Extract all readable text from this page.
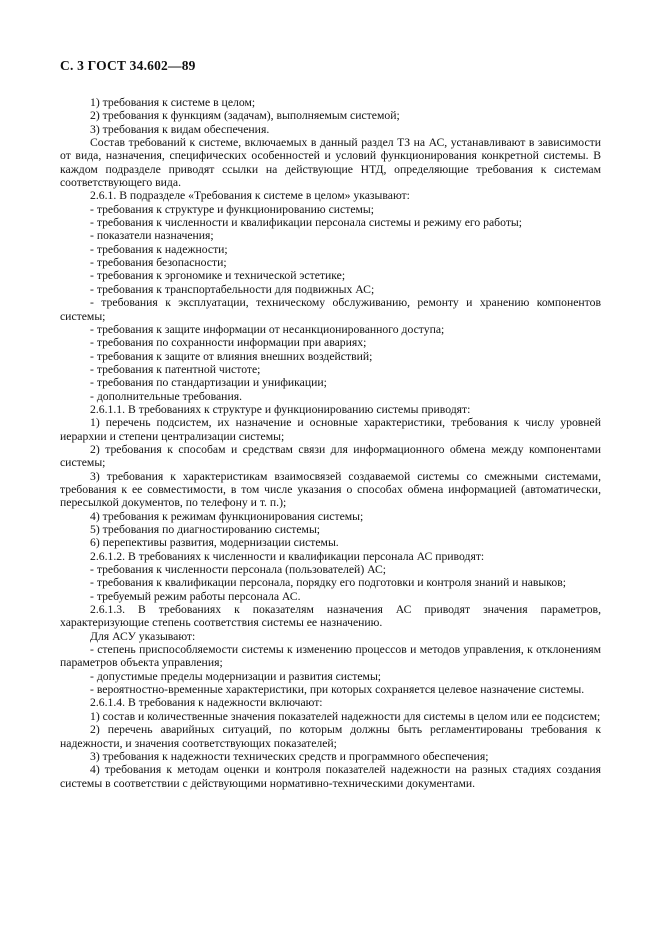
С. 3 ГОСТ 34.602—89

1) требования к системе в целом;

2) требования к функциям (задачам), выполняемым системой;

3) требования к видам обеспечения.

Состав требований к системе, включаемых в данный раздел ТЗ на АС, устанавливают в зависимости от вида, назначения, специфических особенностей и условий функционирования конкретной системы. В каждом подразделе приводят ссылки на действующие НТД, определяющие требования к системам соответствующего вида.

2.6.1. В подразделе «Требования к системе в целом» указывают:

- требования к структуре и функционированию системы;

- требования к численности и квалификации персонала системы и режиму его работы;

- показатели назначения;

- требования к надежности;

- требования безопасности;

- требования к эргономике и технической эстетике;

- требования к транспортабельности для подвижных АС;

- требования к эксплуатации, техническому обслуживанию, ремонту и хранению компонентов системы;

- требования к защите информации от несанкционированного доступа;

- требования по сохранности информации при авариях;

- требования к защите от влияния внешних воздействий;

- требования к патентной чистоте;

- требования по стандартизации и унификации;

- дополнительные требования.

2.6.1.1. В требованиях к структуре и функционированию системы приводят:

1) перечень подсистем, их назначение и основные характеристики, требования к числу уровней иерархии и степени централизации системы;

2) требования к способам и средствам связи для информационного обмена между компонентами системы;

3) требования к характеристикам взаимосвязей создаваемой системы со смежными системами, требования к ее совместимости, в том числе указания о способах обмена информацией (автоматически, пересылкой документов, по телефону и т. п.);

4) требования к режимам функционирования системы;

5) требования по диагностированию системы;

6) перепективы развития, модернизации системы.

2.6.1.2. В требованиях к численности и квалификации персонала АС приводят:

- требования к численности персонала (пользователей) АС;

- требования к квалификации персонала, порядку его подготовки и контроля знаний и навыков;

- требуемый режим работы персонала АС.

2.6.1.3. В требованиях к показателям назначения АС приводят значения параметров, характеризующие степень соответствия системы ее назначению.

Для АСУ указывают:

- степень приспособляемости системы к изменению процессов и методов управления, к отклонениям параметров объекта управления;

- допустимые пределы модернизации и развития системы;

- вероятностно-временные характеристики, при которых сохраняется целевое назначение системы.

2.6.1.4. В требования к надежности включают:

1) состав и количественные значения показателей надежности для системы в целом или ее подсистем;

2) перечень аварийных ситуаций, по которым должны быть регламентированы требования к надежности, и значения соответствующих показателей;

3) требования к надежности технических средств и программного обеспечения;

4) требования к методам оценки и контроля показателей надежности на разных стадиях создания системы в соответствии с действующими нормативно-техническими документами.
